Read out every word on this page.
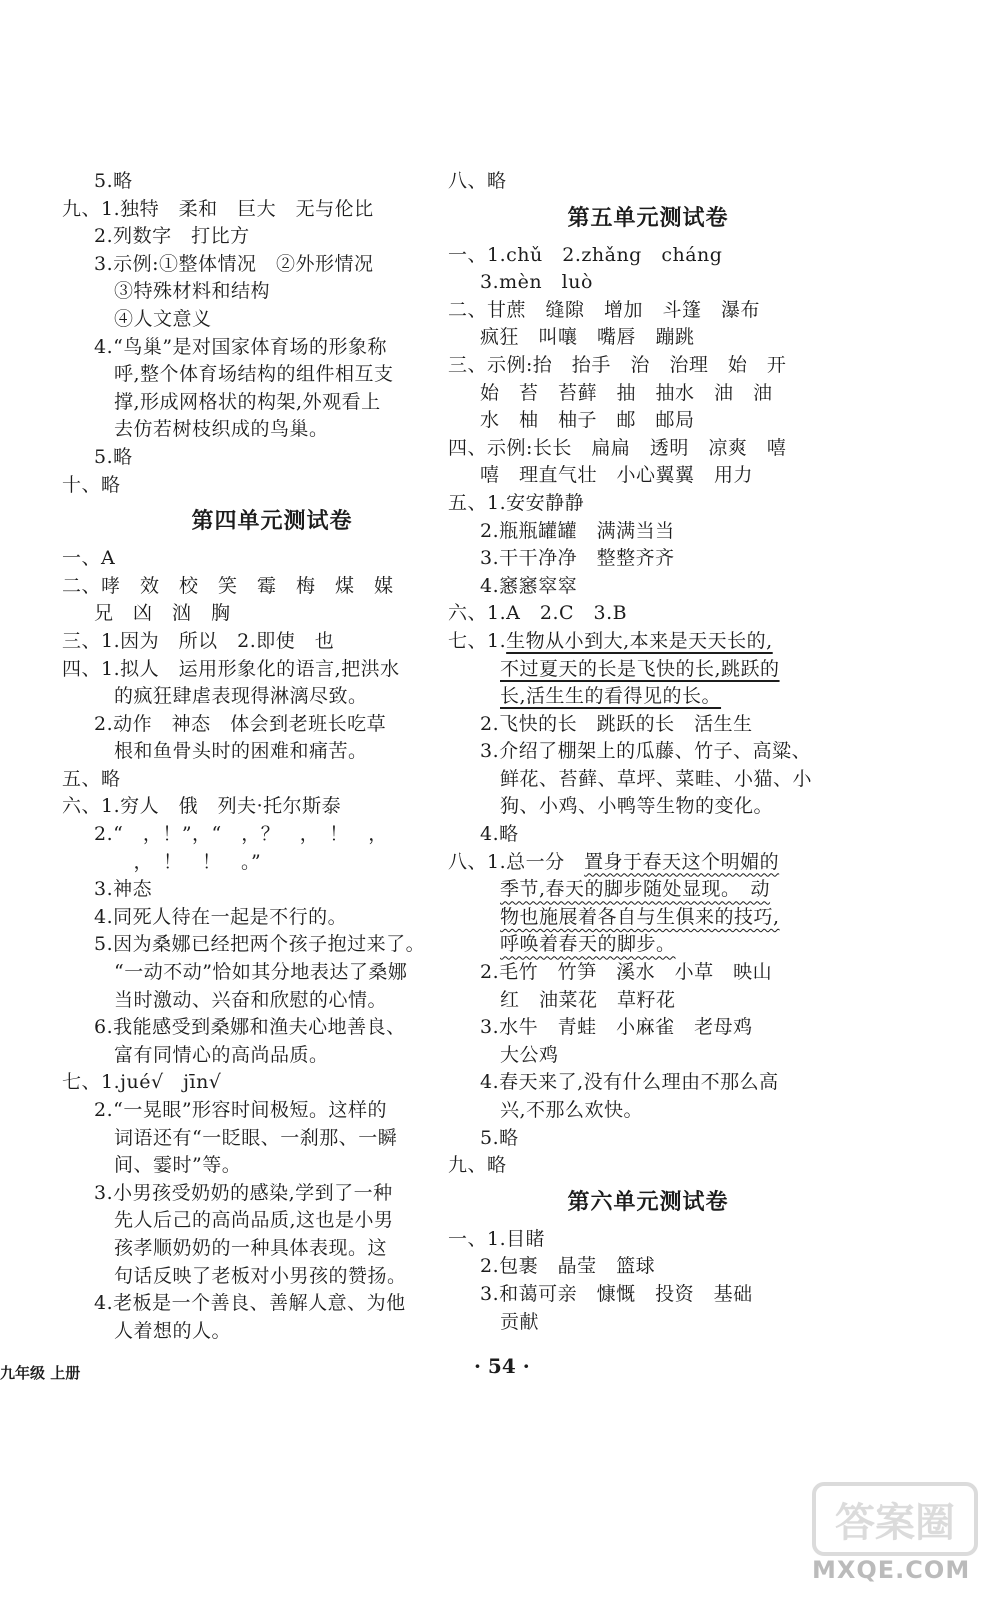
5.略
九、1.独特　柔和　巨大　无与伦比
2.列数字　打比方
3.示例:①整体情况　②外形情况
③特殊材料和结构
④人文意义
4.“鸟巢”是对国家体育场的形象称
呼,整个体育场结构的组件相互支
撑,形成网格状的构架,外观看上
去仿若树枝织成的鸟巢。
5.略
十、略
第四单元测试卷
一、A
二、哮　效　校　笑　霉　梅　煤　媒
兄　凶　汹　胸
三、1.因为　所以　2.即使　也
四、1.拟人　运用形象化的语言,把洪水
的疯狂肆虐表现得淋漓尽致。
2.动作　神态　体会到老班长吃草
根和鱼骨头时的困难和痛苦。
五、略
六、1.穷人　俄　列夫·托尔斯泰
2.“　，！”，“　，？　，　！　，
　，　！　！　。”
3.神态
4.同死人待在一起是不行的。
5.因为桑娜已经把两个孩子抱过来了。
“一动不动”恰如其分地表达了桑娜
当时激动、兴奋和欣慰的心情。
6.我能感受到桑娜和渔夫心地善良、
富有同情心的高尚品质。
七、1.jué√　jīn√
2.“一晃眼”形容时间极短。这样的
词语还有“一眨眼、一刹那、一瞬
间、霎时”等。
3.小男孩受奶奶的感染,学到了一种
先人后己的高尚品质,这也是小男
孩孝顺奶奶的一种具体表现。这
句话反映了老板对小男孩的赞扬。
4.老板是一个善良、善解人意、为他
人着想的人。
八、略
第五单元测试卷
一、1.chǔ　2.zhǎng　cháng
3.mèn　luò
二、甘蔗　缝隙　增加　斗篷　瀑布
疯狂　叫嚷　嘴唇　蹦跳
三、示例:抬　抬手　治　治理　始　开
始　苔　苔藓　抽　抽水　油　油
水　柚　柚子　邮　邮局
四、示例:长长　扁扁　透明　凉爽　嘻
嘻　理直气壮　小心翼翼　用力
五、1.安安静静
2.瓶瓶罐罐　满满当当
3.干干净净　整整齐齐
4.窸窸窣窣
六、1.A　2.C　3.B
七、1.生物从小到大,本来是天天长的,
不过夏天的长是飞快的长,跳跃的
长,活生生的看得见的长。
2.飞快的长　跳跃的长　活生生
3.介绍了棚架上的瓜藤、竹子、高粱、
鲜花、苔藓、草坪、菜畦、小猫、小
狗、小鸡、小鸭等生物的变化。
4.略
八、1.总一分　置身于春天这个明媚的
季节,春天的脚步随处显现。　动
物也施展着各自与生俱来的技巧,
呼唤着春天的脚步。
2.毛竹　竹笋　溪水　小草　映山
红　油菜花　草籽花
3.水牛　青蛙　小麻雀　老母鸡
大公鸡
4.春天来了,没有什么理由不那么高
兴,不那么欢快。
5.略
九、略
第六单元测试卷
一、1.目睹
2.包裹　晶莹　篮球
3.和蔼可亲　慷慨　投资　基础
贡献
九年级 上册	· 54 ·
答案圈
MXQE.COM
